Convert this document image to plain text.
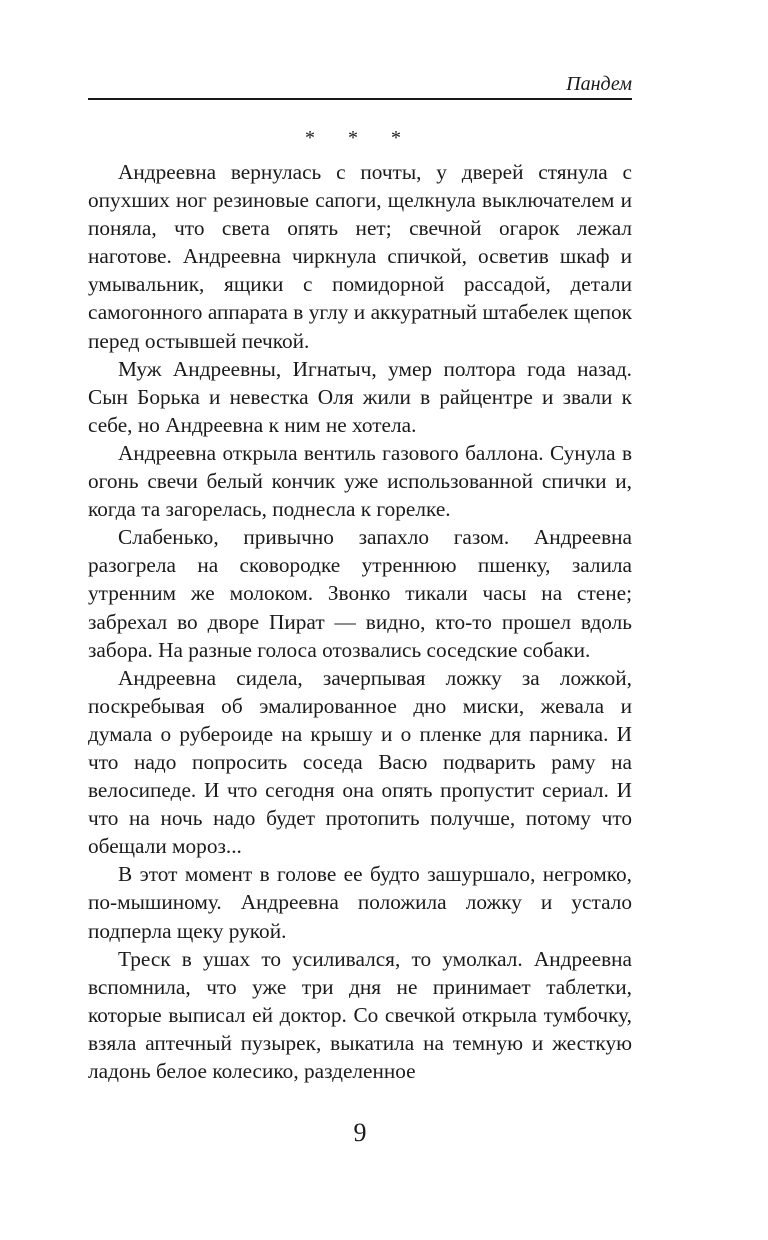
Пандем
* * *

Андреевна вернулась с почты, у дверей стянула с опухших ног резиновые сапоги, щелкнула выключателем и поняла, что света опять нет; свечной огарок лежал наготове. Андреевна чиркнула спичкой, осветив шкаф и умывальник, ящики с помидорной рассадой, детали самогонного аппарата в углу и аккуратный штабелек щепок перед остывшей печкой.

Муж Андреевны, Игнатыч, умер полтора года назад. Сын Борька и невестка Оля жили в райцентре и звали к себе, но Андреевна к ним не хотела.

Андреевна открыла вентиль газового баллона. Сунула в огонь свечи белый кончик уже использованной спички и, когда та загорелась, поднесла к горелке.

Слабенько, привычно запахло газом. Андреевна разогрела на сковородке утреннюю пшенку, залила утренним же молоком. Звонко тикали часы на стене; забрехал во дворе Пират — видно, кто-то прошел вдоль забора. На разные голоса отозвались соседские собаки.

Андреевна сидела, зачерпывая ложку за ложкой, поскребывая об эмалированное дно миски, жевала и думала о рубероиде на крышу и о пленке для парника. И что надо попросить соседа Васю подварить раму на велосипеде. И что сегодня она опять пропустит сериал. И что на ночь надо будет протопить получше, потому что обещали мороз...

В этот момент в голове ее будто зашуршало, негромко, по-мышиному. Андреевна положила ложку и устало подперла щеку рукой.

Треск в ушах то усиливался, то умолкал. Андреевна вспомнила, что уже три дня не принимает таблетки, которые выписал ей доктор. Со свечкой открыла тумбочку, взяла аптечный пузырек, выкатила на темную и жесткую ладонь белое колесико, разделенное

9
